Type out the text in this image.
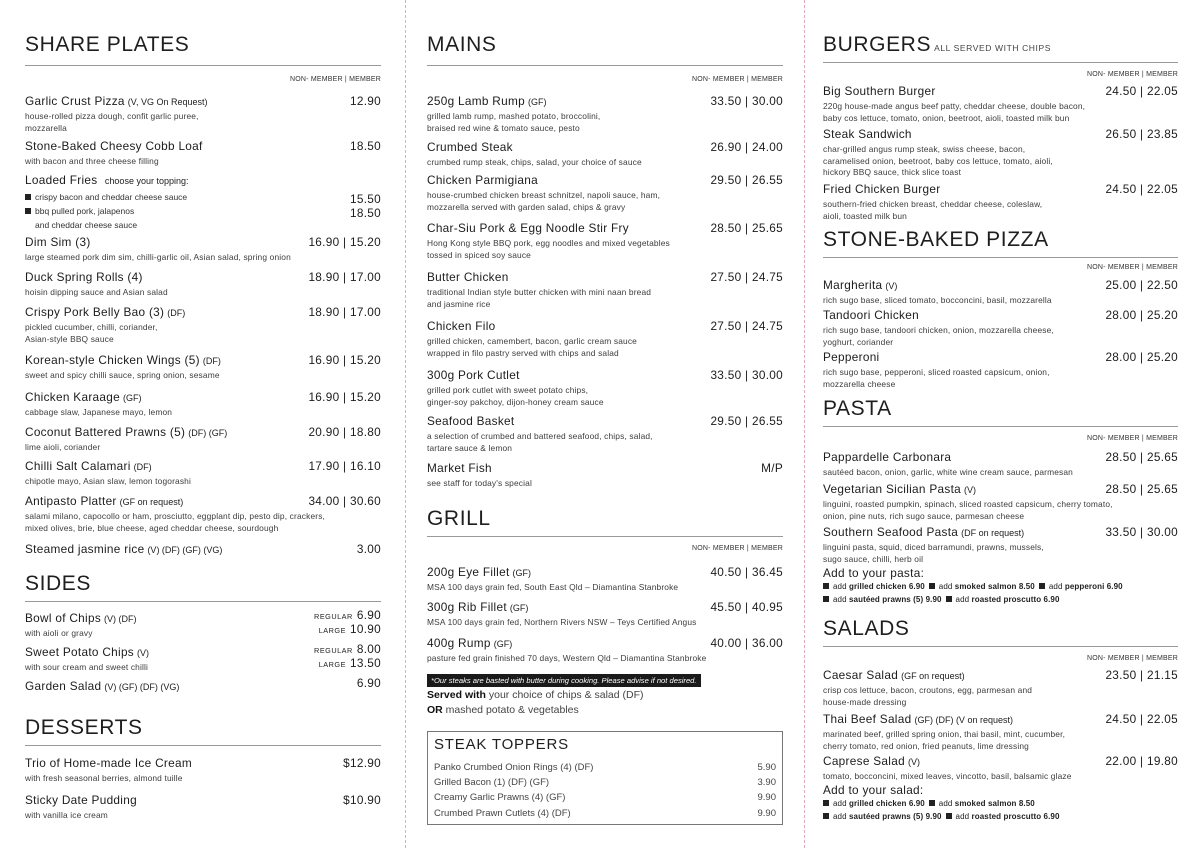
SHARE PLATES
NON- MEMBER | MEMBER
Garlic Crust Pizza (V, VG On Request)	12.90
house-rolled pizza dough, confit garlic puree,
mozzarella
Stone-Baked Cheesy Cobb Loaf	18.50
with bacon and three cheese filling
Dim Sim (3)	16.90 | 15.20
large steamed pork dim sim, chilli-garlic oil, Asian salad, spring onion
Duck Spring Rolls (4)	18.90 | 17.00
hoisin dipping sauce and Asian salad
Crispy Pork Belly Bao (3) (DF)	18.90 | 17.00
pickled cucumber, chilli, coriander,
Asian-style BBQ sauce
Korean-style Chicken Wings (5) (DF)	16.90 | 15.20
sweet and spicy chilli sauce, spring onion, sesame
Chicken Karaage (GF)	16.90 | 15.20
cabbage slaw, Japanese mayo, lemon
Coconut Battered Prawns (5) (DF) (GF)	20.90 | 18.80
lime aioli, coriander
Chilli Salt Calamari (DF)	17.90 | 16.10
chipotle mayo, Asian slaw, lemon togorashi
Antipasto Platter (GF on request)	34.00 | 30.60
salami milano, capocollo or ham, prosciutto, eggplant dip, pesto dip, crackers,
mixed olives, brie, blue cheese, aged cheddar cheese, sourdough
Steamed jasmine rice (V) (DF) (GF) (VG)	3.00
Loaded Fries choose your topping:
crispy bacon and cheddar cheese sauce	15.50
bbq pulled pork, jalapenos	18.50
and cheddar cheese sauce
SIDES
Bowl of Chips (V) (DF)
with aioli or gravy
REGULAR 6.90
LARGE 10.90
Sweet Potato Chips (V)
with sour cream and sweet chilli
REGULAR 8.00
LARGE 13.50
Garden Salad (V) (GF) (DF) (VG)	6.90
DESSERTS
Trio of Home-made Ice Cream	$12.90
with fresh seasonal berries, almond tuille
Sticky Date Pudding	$10.90
with vanilla ice cream
MAINS
NON- MEMBER | MEMBER
250g Lamb Rump (GF)	33.50 | 30.00
grilled lamb rump, mashed potato, broccolini,
braised red wine & tomato sauce, pesto
Crumbed Steak	26.90 | 24.00
crumbed rump steak, chips, salad, your choice of sauce
Chicken Parmigiana	29.50 | 26.55
house-crumbed chicken breast schnitzel, napoli sauce, ham,
mozzarella served with garden salad, chips & gravy
Char-Siu Pork & Egg Noodle Stir Fry	28.50 | 25.65
Hong Kong style BBQ pork, egg noodles and mixed vegetables
tossed in spiced soy sauce
Butter Chicken	27.50 | 24.75
traditional Indian style butter chicken with mini naan bread
and jasmine rice
Chicken Filo	27.50 | 24.75
grilled chicken, camembert, bacon, garlic cream sauce
wrapped in filo pastry served with chips and salad
300g Pork Cutlet	33.50 | 30.00
grilled pork cutlet with sweet potato chips,
ginger-soy pakchoy, dijon-honey cream sauce
Seafood Basket	29.50 | 26.55
a selection of crumbed and battered seafood, chips, salad,
tartare sauce & lemon
Market Fish	M/P
see staff for today's special
GRILL
NON- MEMBER | MEMBER
200g Eye Fillet (GF)	40.50 | 36.45
MSA 100 days grain fed, South East Qld – Diamantina Stanbroke
300g Rib Fillet (GF)	45.50 | 40.95
MSA 100 days grain fed, Northern Rivers NSW – Teys Certified Angus
400g Rump (GF)	40.00 | 36.00
pasture fed grain finished 70 days, Western Qld – Diamantina Stanbroke
*Our steaks are basted with butter during cooking. Please advise if not desired.
Served with your choice of chips & salad (DF)
OR mashed potato & vegetables
STEAK TOPPERS
Panko Crumbed Onion Rings (4) (DF)	5.90
Grilled Bacon (1) (DF) (GF)	3.90
Creamy Garlic Prawns (4) (GF)	9.90
Crumbed Prawn Cutlets (4) (DF)	9.90
BURGERS ALL SERVED WITH CHIPS
NON- MEMBER | MEMBER
Big Southern Burger	24.50 | 22.05
220g house-made angus beef patty, cheddar cheese, double bacon,
baby cos lettuce, tomato, onion, beetroot, aioli, toasted milk bun
Steak Sandwich	26.50 | 23.85
char-grilled angus rump steak, swiss cheese, bacon,
caramelised onion, beetroot, baby cos lettuce, tomato, aioli,
hickory BBQ sauce, thick slice toast
Fried Chicken Burger	24.50 | 22.05
southern-fried chicken breast, cheddar cheese, coleslaw,
aioli, toasted milk bun
STONE-BAKED PIZZA
NON- MEMBER | MEMBER
Margherita (V)	25.00 | 22.50
rich sugo base, sliced tomato, bocconcini, basil, mozzarella
Tandoori Chicken	28.00 | 25.20
rich sugo base, tandoori chicken, onion, mozzarella cheese,
yoghurt, coriander
Pepperoni	28.00 | 25.20
rich sugo base, pepperoni, sliced roasted capsicum, onion,
mozzarella cheese
PASTA
NON- MEMBER | MEMBER
Pappardelle Carbonara	28.50 | 25.65
sautéed bacon, onion, garlic, white wine cream sauce, parmesan
Vegetarian Sicilian Pasta (V)	28.50 | 25.65
linguini, roasted pumpkin, spinach, sliced roasted capsicum, cherry tomato,
onion, pine nuts, rich sugo sauce, parmesan cheese
Southern Seafood Pasta (DF on request)	33.50 | 30.00
linguini pasta, squid, diced barramundi, prawns, mussels,
sugo sauce, chilli, herb oil
Add to your pasta:
add grilled chicken 6.90 add smoked salmon 8.50 add pepperoni 6.90
add sautéed prawns (5) 9.90 add roasted proscutto 6.90
SALADS
NON- MEMBER | MEMBER
Caesar Salad (GF on request)	23.50 | 21.15
crisp cos lettuce, bacon, croutons, egg, parmesan and
house-made dressing
Thai Beef Salad (GF) (DF) (V on request)	24.50 | 22.05
marinated beef, grilled spring onion, thai basil, mint, cucumber,
cherry tomato, red onion, fried peanuts, lime dressing
Caprese Salad (V)	22.00 | 19.80
tomato, bocconcini, mixed leaves, vincotto, basil, balsamic glaze
Add to your salad:
add grilled chicken 6.90 add smoked salmon 8.50
add sautéed prawns (5) 9.90 add roasted proscutto 6.90
